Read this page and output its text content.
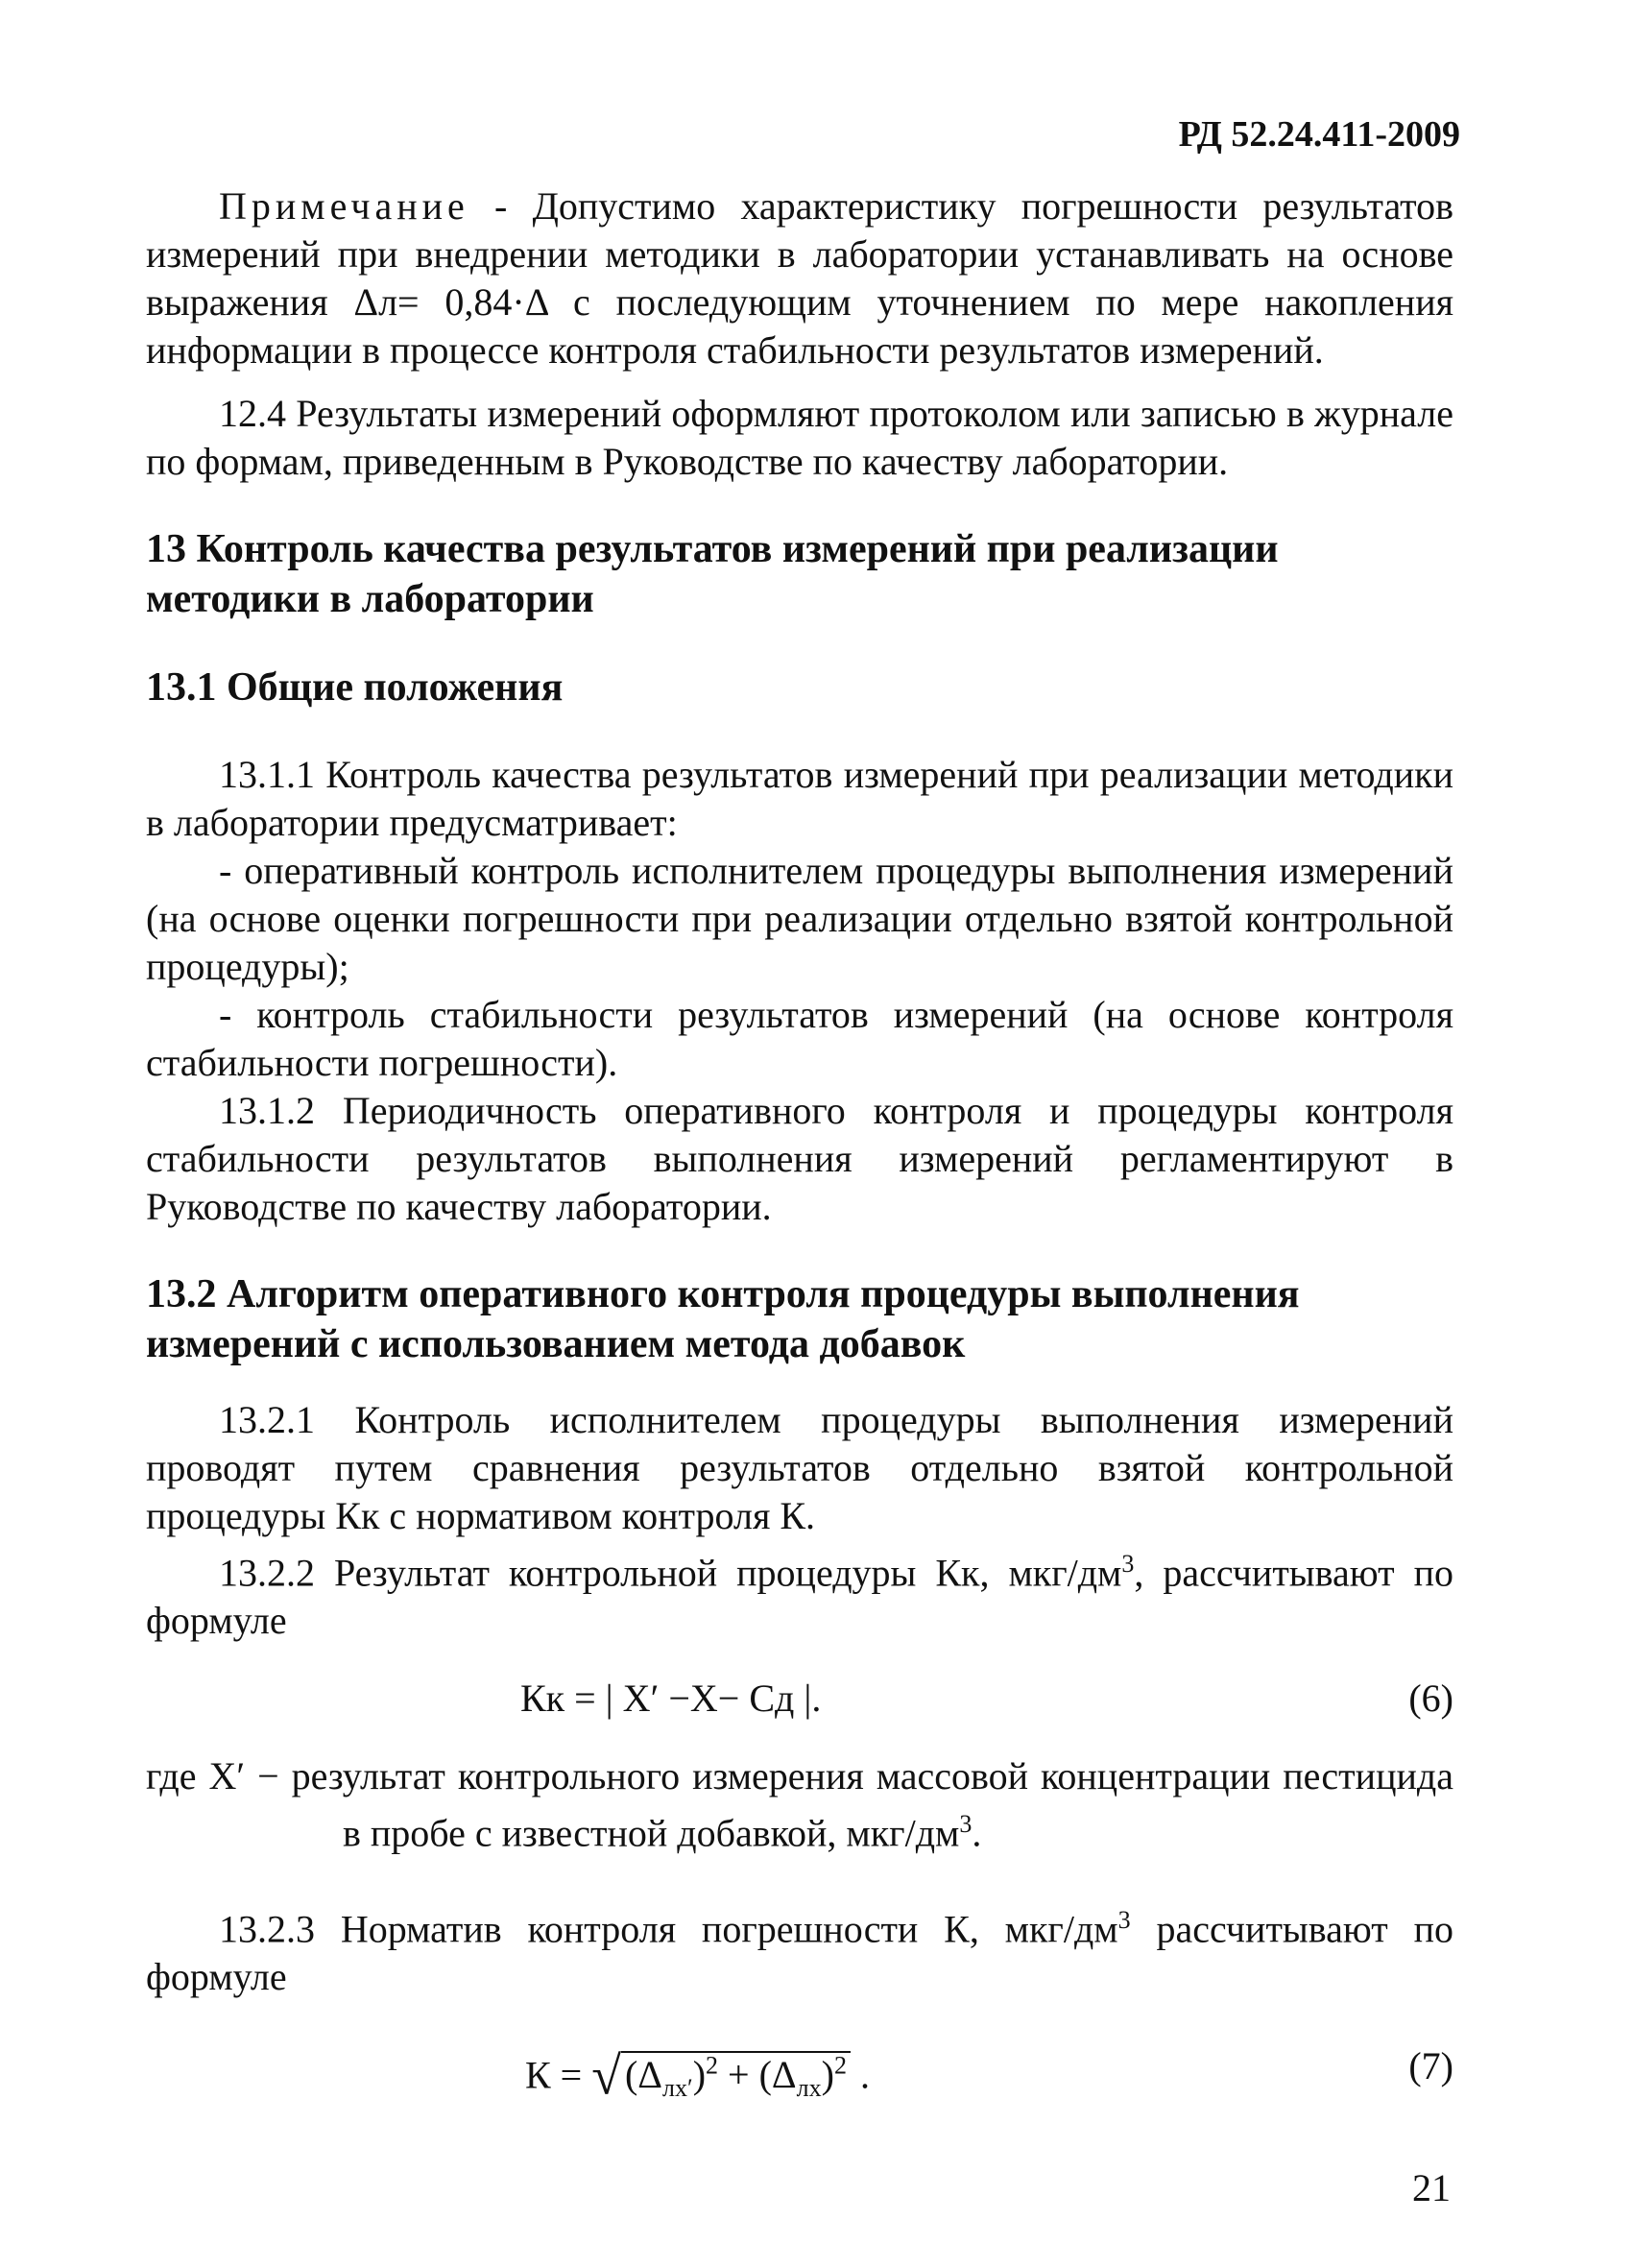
РД 52.24.411-2009

Примечание - Допустимо характеристику погрешности результатов измерений при внедрении методики в лаборатории устанавливать на основе выражения Δл= 0,84·Δ с последующим уточнением по мере накопления информации в процессе контроля стабильности результатов измерений.

12.4 Результаты измерений оформляют протоколом или записью в журнале по формам, приведенным в Руководстве по качеству лаборатории.

13 Контроль качества результатов измерений при реализации методики в лаборатории
13.1 Общие положения

13.1.1 Контроль качества результатов измерений при реализации методики в лаборатории предусматривает:

- оперативный контроль исполнителем процедуры выполнения измерений (на основе оценки погрешности при реализации отдельно взятой контрольной процедуры);

- контроль стабильности результатов измерений (на основе контроля стабильности погрешности).

13.1.2 Периодичность оперативного контроля и процедуры контроля стабильности результатов выполнения измерений регламентируют в Руководстве по качеству лаборатории.

13.2 Алгоритм оперативного контроля процедуры выполнения измерений с использованием метода добавок

13.2.1 Контроль исполнителем процедуры выполнения измерений проводят путем сравнения результатов отдельно взятой контрольной процедуры Кк с нормативом контроля К.

13.2.2 Результат контрольной процедуры Кк, мкг/$дм^3$, рассчитывают по формуле

Кк = | X′ −X− Сд |.	(6)

где X′ − результат контрольного измерения массовой концентрации пестицида в пробе с известной добавкой, мкг/$дм^3$.

13.2.3 Норматив контроля погрешности К, мкг/$дм^3$ рассчитывают по формуле

К = √ $(\Delta_{лх'})^2 + (\Delta_{лх})^2$ .	(7)
21
